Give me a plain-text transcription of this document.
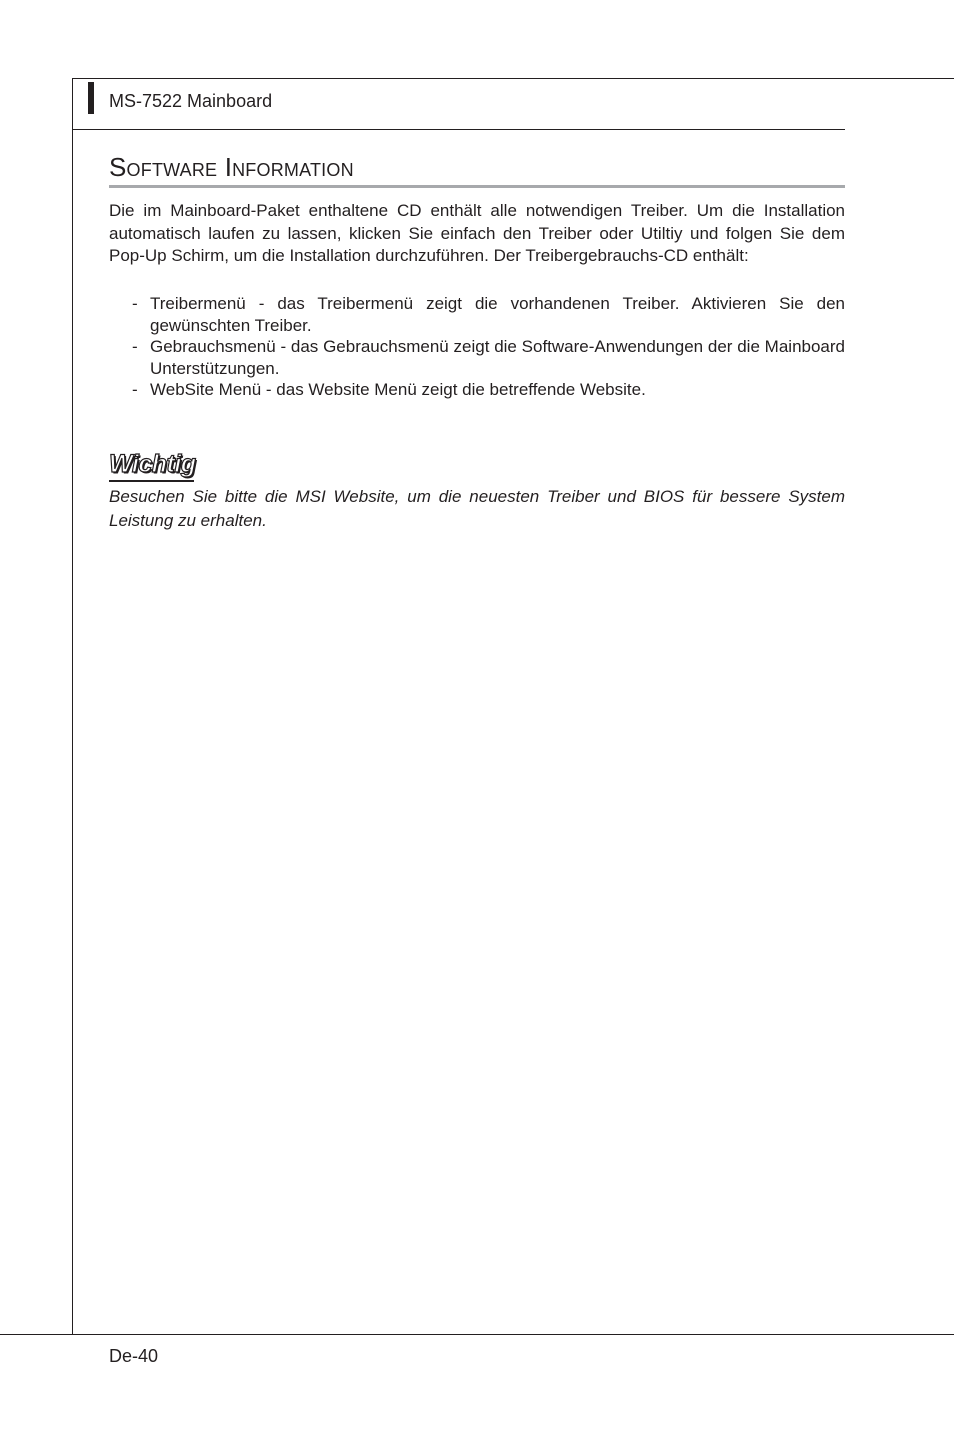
MS-7522 Mainboard
Software Information

Die im Mainboard-Paket enthaltene CD enthält alle notwendigen Treiber. Um die Installation automatisch laufen zu lassen, klicken Sie einfach den Treiber oder Utiltiy und folgen Sie dem Pop-Up Schirm, um die Installation durchzuführen. Der Treibergebrauchs-CD enthält:

- Treibermenü - das Treibermenü zeigt die vorhandenen Treiber. Aktivieren Sie den gewünschten Treiber.
- Gebrauchsmenü - das Gebrauchsmenü zeigt die Software-Anwendungen der die Mainboard Unterstützungen.
- WebSite Menü - das Website Menü zeigt die betreffende Website.
Wichtig

Besuchen Sie bitte die MSI Website, um die neuesten Treiber und BIOS für bessere System Leistung zu erhalten.

De-40
